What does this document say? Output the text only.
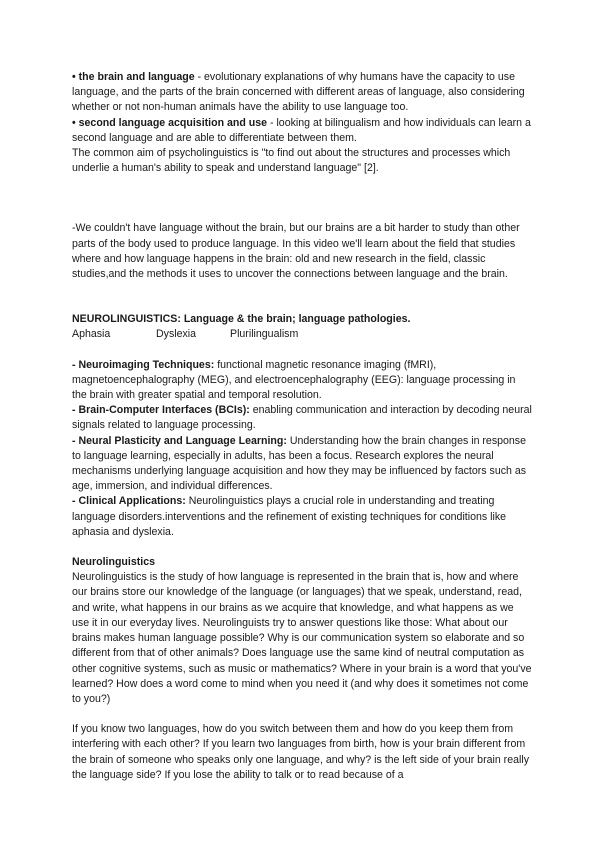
• the brain and language - evolutionary explanations of why humans have the capacity to use language, and the parts of the brain concerned with different areas of language, also considering whether or not non-human animals have the ability to use language too.

• second language acquisition and use - looking at bilingualism and how individuals can learn a second language and are able to differentiate between them.

The common aim of psycholinguistics is "to find out about the structures and processes which underlie a human's ability to speak and understand language" [2].

-We couldn't have language without the brain, but our brains are a bit harder to study than other parts of the body used to produce language. In this video we'll learn about the field that studies where and how language happens in the brain: old and new research in the field, classic studies,and the methods it uses to uncover the connections between language and the brain.

NEUROLINGUISTICS: Language & the brain; language pathologies.

Aphasia	Dyslexia	Plurilingualism

- Neuroimaging Techniques: functional magnetic resonance imaging (fMRI), magnetoencephalography (MEG), and electroencephalography (EEG): language processing in the brain with greater spatial and temporal resolution.

- Brain-Computer Interfaces (BCIs): enabling communication and interaction by decoding neural signals related to language processing.

- Neural Plasticity and Language Learning: Understanding how the brain changes in response to language learning, especially in adults, has been a focus. Research explores the neural mechanisms underlying language acquisition and how they may be influenced by factors such as age, immersion, and individual differences.

- Clinical Applications: Neurolinguistics plays a crucial role in understanding and treating language disorders.interventions and the refinement of existing techniques for conditions like aphasia and dyslexia.

Neurolinguistics

Neurolinguistics is the study of how language is represented in the brain that is, how and where our brains store our knowledge of the language (or languages) that we speak, understand, read, and write, what happens in our brains as we acquire that knowledge, and what happens as we use it in our everyday lives. Neurolinguists try to answer questions like those: What about our brains makes human language possible? Why is our communication system so elaborate and so different from that of other animals? Does language use the same kind of neutral computation as other cognitive systems, such as music or mathematics? Where in your brain is a word that you've learned? How does a word come to mind when you need it (and why does it sometimes not come to you?)

If you know two languages, how do you switch between them and how do you keep them from interfering with each other? If you learn two languages from birth, how is your brain different from the brain of someone who speaks only one language, and why? is the left side of your brain really the language side? If you lose the ability to talk or to read because of a
